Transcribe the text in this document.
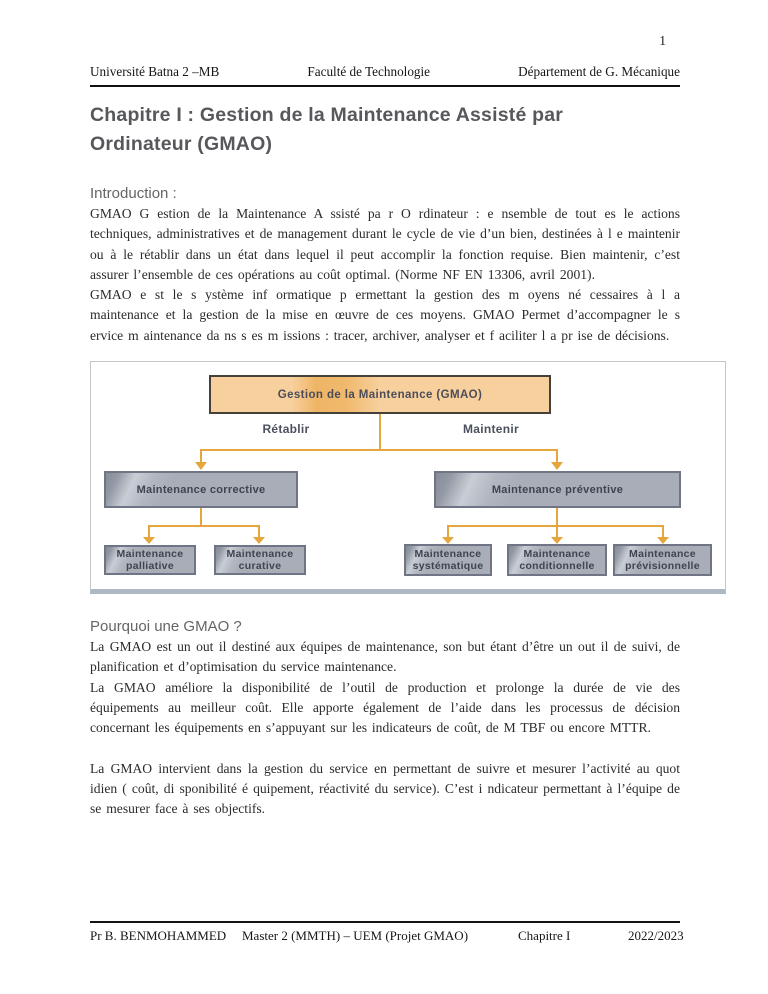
1
Université Batna 2 –MB	Faculté de Technologie	Département de G. Mécanique
Chapitre I : Gestion de la Maintenance Assisté par Ordinateur (GMAO)
Introduction :

GMAO G estion de la Maintenance A ssisté pa r O rdinateur : e nsemble de tout es le actions techniques, administratives et de management durant le cycle de vie d’un bien, destinées à l e maintenir ou à le rétablir dans un état dans lequel il peut accomplir la fonction requise. Bien maintenir, c’est assurer l’ensemble de ces opérations au coût optimal. (Norme NF EN 13306, avril 2001).

GMAO e st le s ystème inf ormatique p ermettant la gestion des m oyens né cessaires à l a maintenance et la gestion de la mise en œuvre de ces moyens. GMAO Permet d’accompagner le s ervice m aintenance da ns s es m issions : tracer, archiver, analyser et f aciliter l a pr ise de décisions.

Gestion de la Maintenance (GMAO)
Rétablir	Maintenir
Maintenance corrective	Maintenance préventive
Maintenance palliative
Maintenance curative
Maintenance systématique
Maintenance conditionnelle
Maintenance prévisionnelle
Pourquoi une GMAO ?

La GMAO est un out il destiné aux équipes de maintenance, son but étant d’être un out il de suivi, de planification et d’optimisation du service maintenance.

La GMAO améliore la disponibilité de l’outil de production et prolonge la durée de vie des équipements au meilleur coût. Elle apporte également de l’aide dans les processus de décision concernant les équipements en s’appuyant sur les indicateurs de coût, de M TBF ou encore MTTR.

La GMAO intervient dans la gestion du service en permettant de suivre et mesurer l’activité au quot idien ( coût, di sponibilité é quipement, réactivité du service). C’est i ndicateur permettant à l’équipe de se mesurer face à ses objectifs.

Pr B. BENMOHAMMED	Master 2 (MMTH) – UEM (Projet GMAO)	Chapitre I	2022/2023
